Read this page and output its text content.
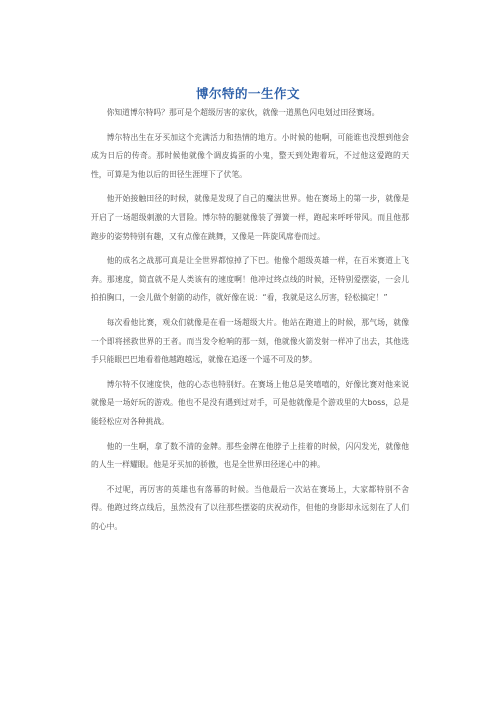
博尔特的一生作文

你知道博尔特吗？那可是个超级厉害的家伙，就像一道黑色闪电划过田径赛场。

博尔特出生在牙买加这个充满活力和热情的地方。小时候的他啊，可能谁也没想到他会成为日后的传奇。那时候他就像个调皮捣蛋的小鬼，整天到处跑着玩，不过他这爱跑的天性，可算是为他以后的田径生涯埋下了伏笔。

他开始接触田径的时候，就像是发现了自己的魔法世界。他在赛场上的第一步，就像是开启了一场超级刺激的大冒险。博尔特的腿就像装了弹簧一样，跑起来呼呼带风。而且他那跑步的姿势特别有趣，又有点像在跳舞，又像是一阵旋风席卷而过。

他的成名之战那可真是让全世界都惊掉了下巴。他像个超级英雄一样，在百米赛道上飞奔。那速度，简直就不是人类该有的速度啊！他冲过终点线的时候，还特别爱摆姿，一会儿拍拍胸口，一会儿做个射箭的动作，就好像在说：“看，我就是这么厉害，轻松搞定！”

每次看他比赛，观众们就像是在看一场超级大片。他站在跑道上的时候，那气场，就像一个即将拯救世界的王者。而当发令枪响的那一刻，他就像火箭发射一样冲了出去，其他选手只能眼巴巴地看着他越跑越远，就像在追逐一个遥不可及的梦。

博尔特不仅速度快，他的心态也特别好。在赛场上他总是笑嘻嘻的，好像比赛对他来说就像是一场好玩的游戏。他也不是没有遇到过对手，可是他就像是个游戏里的大boss，总是能轻松应对各种挑战。

他的一生啊，拿了数不清的金牌。那些金牌在他脖子上挂着的时候，闪闪发光，就像他的人生一样耀眼。他是牙买加的骄傲，也是全世界田径迷心中的神。

不过呢，再厉害的英雄也有落幕的时候。当他最后一次站在赛场上，大家都特别不舍得。他跑过终点线后，虽然没有了以往那些摆姿的庆祝动作，但他的身影却永远刻在了人们的心中。
